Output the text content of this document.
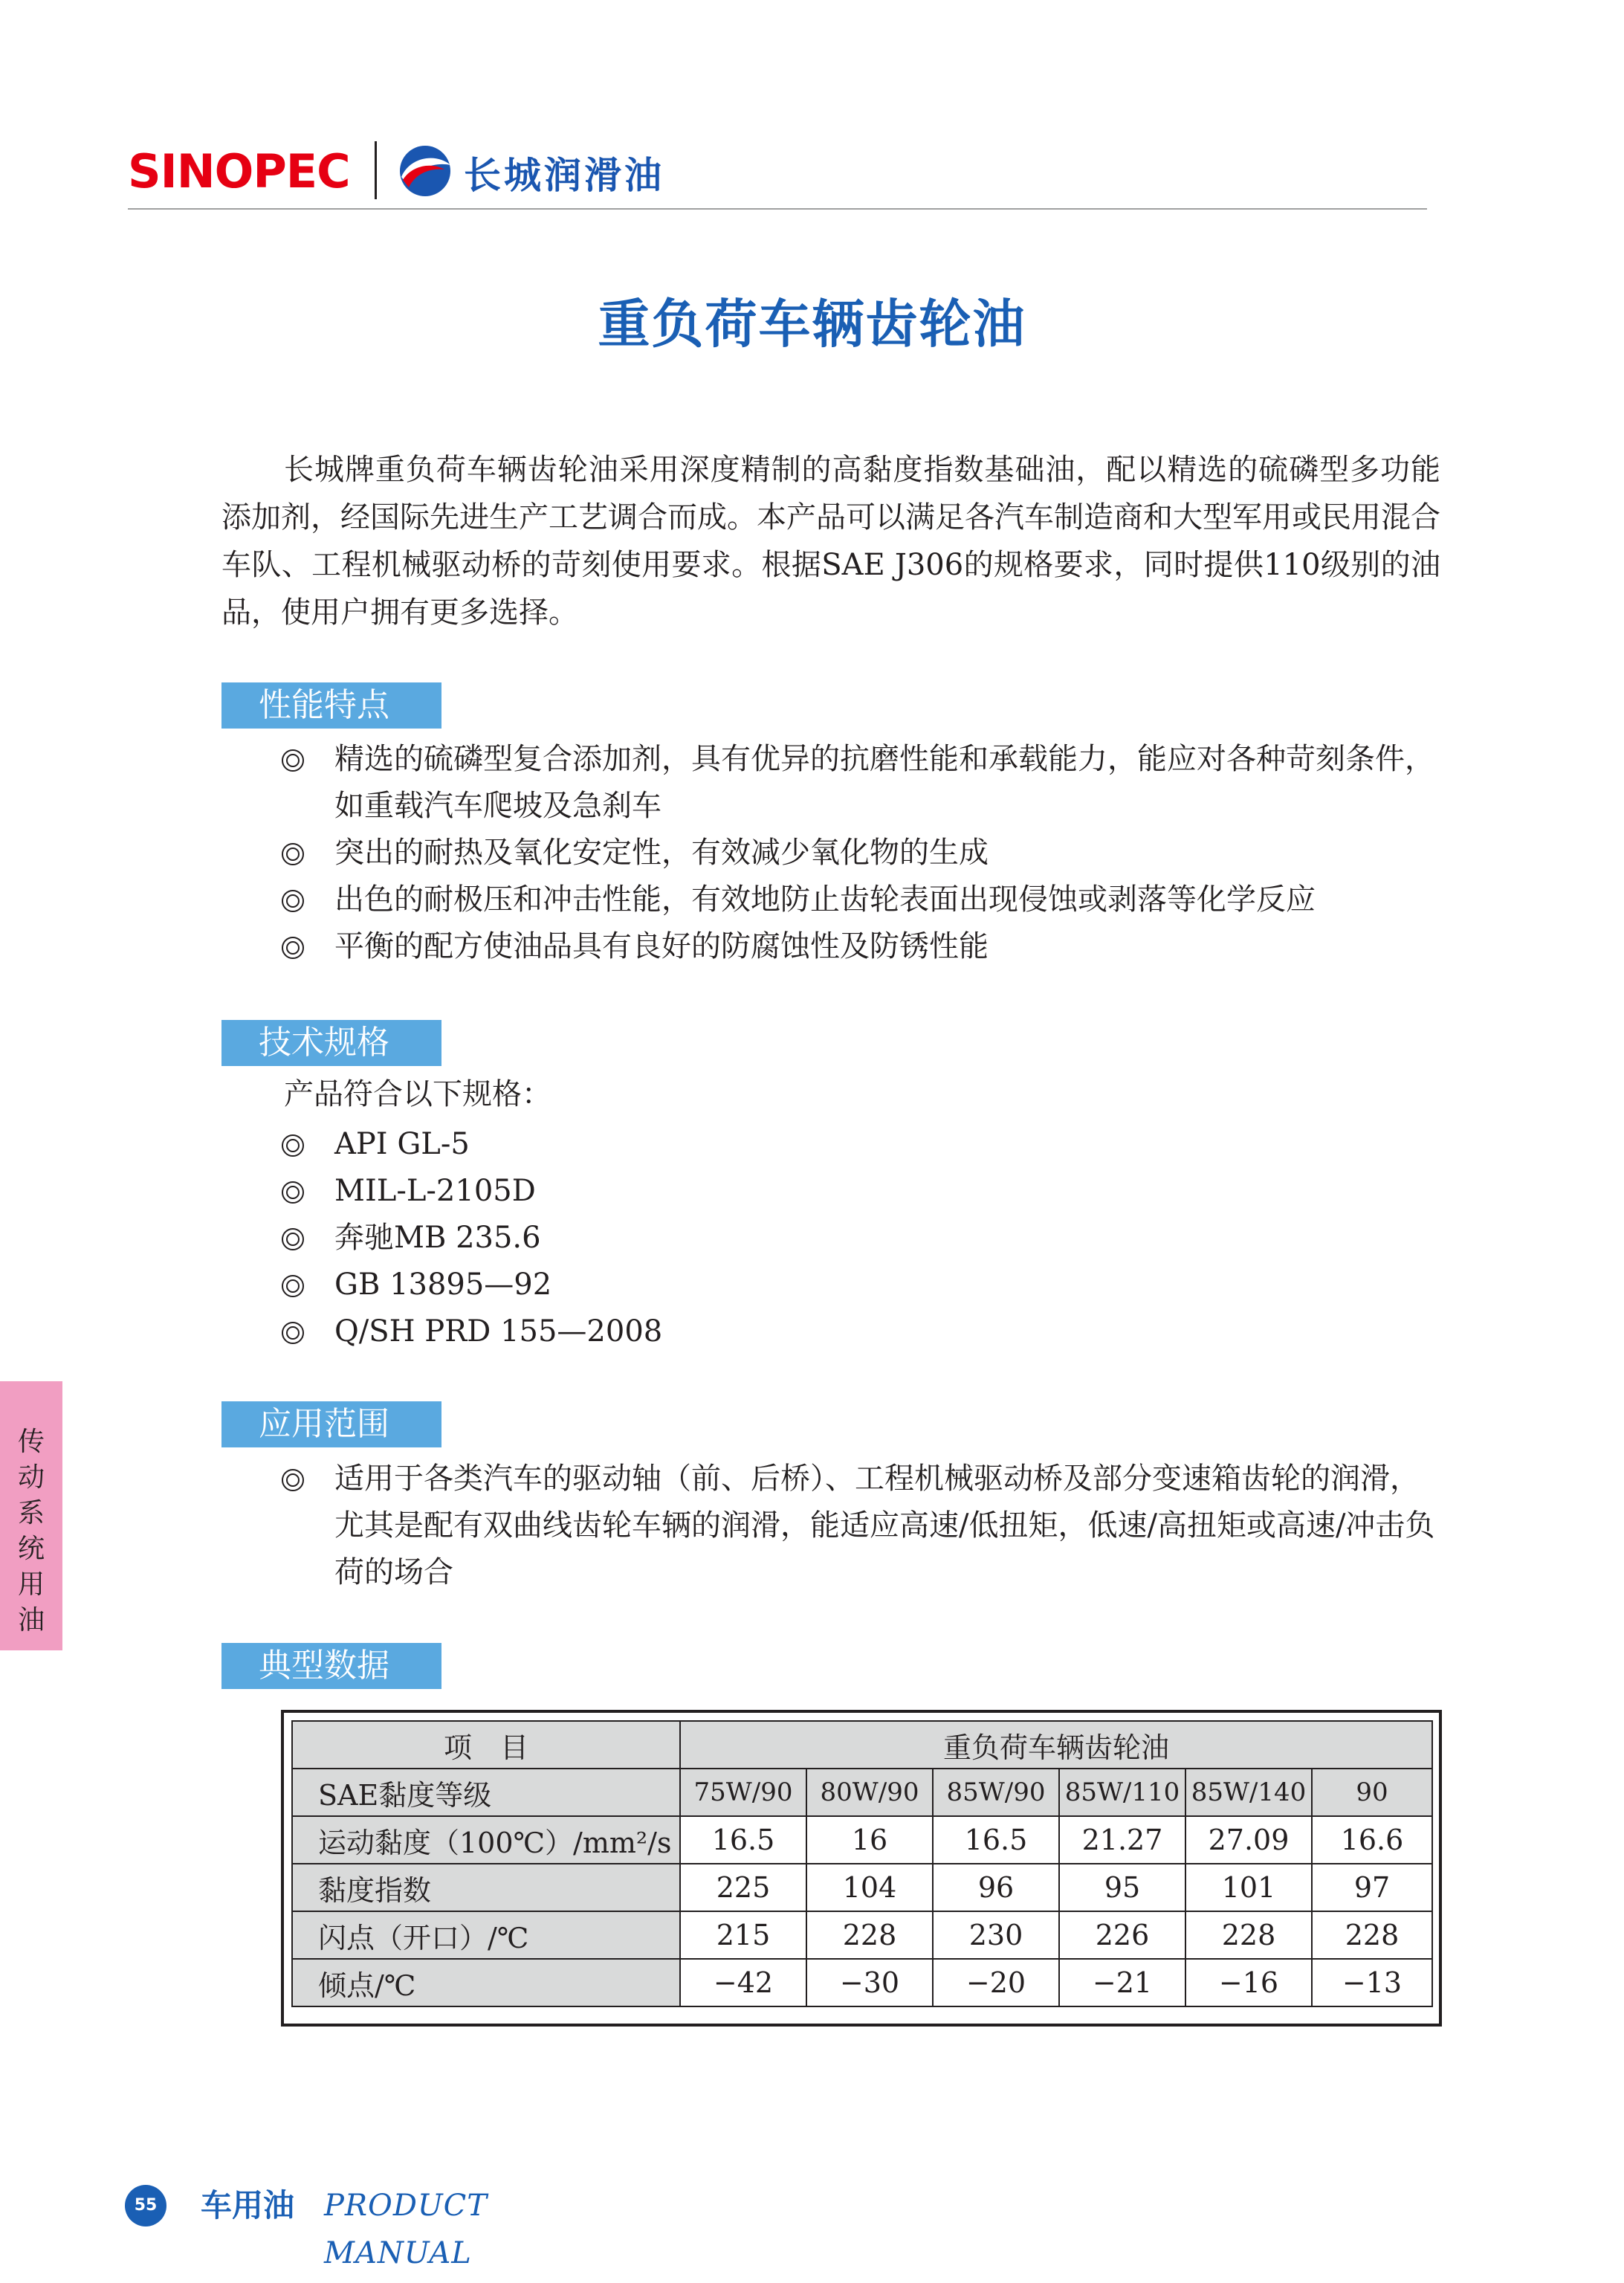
SINOPEC	长城润滑油
重负荷车辆齿轮油
长城牌重负荷车辆齿轮油采用深度精制的高黏度指数基础油，配以精选的硫磷型多功能添加剂，经国际先进生产工艺调合而成。本产品可以满足各汽车制造商和大型军用或民用混合车队、工程机械驱动桥的苛刻使用要求。根据SAE J306的规格要求，同时提供110级别的油品，使用户拥有更多选择。
性能特点
精选的硫磷型复合添加剂，具有优异的抗磨性能和承载能力，能应对各种苛刻条件，如重载汽车爬坡及急刹车
突出的耐热及氧化安定性，有效减少氧化物的生成
出色的耐极压和冲击性能，有效地防止齿轮表面出现侵蚀或剥落等化学反应
平衡的配方使油品具有良好的防腐蚀性及防锈性能
技术规格
产品符合以下规格：
API GL-5
MIL-L-2105D
奔驰MB 235.6
GB 13895—92
Q/SH PRD 155—2008
传
动
系
统
用
油
应用范围
适用于各类汽车的驱动轴（前、后桥）、工程机械驱动桥及部分变速箱齿轮的润滑，尤其是配有双曲线齿轮车辆的润滑，能适应高速/低扭矩，低速/高扭矩或高速/冲击负荷的场合
典型数据
项　目	重负荷车辆齿轮油					
SAE黏度等级	75W/90	80W/90	85W/90	85W/110	85W/140	90
运动黏度（100℃）/mm²/s	16.5	16	16.5	21.27	27.09	16.6
黏度指数	225	104	96	95	101	97
闪点（开口）/℃	215	228	230	226	228	228
倾点/℃	−42	−30	−20	−21	−16	−13
55	车用油 PRODUCT MANUAL
